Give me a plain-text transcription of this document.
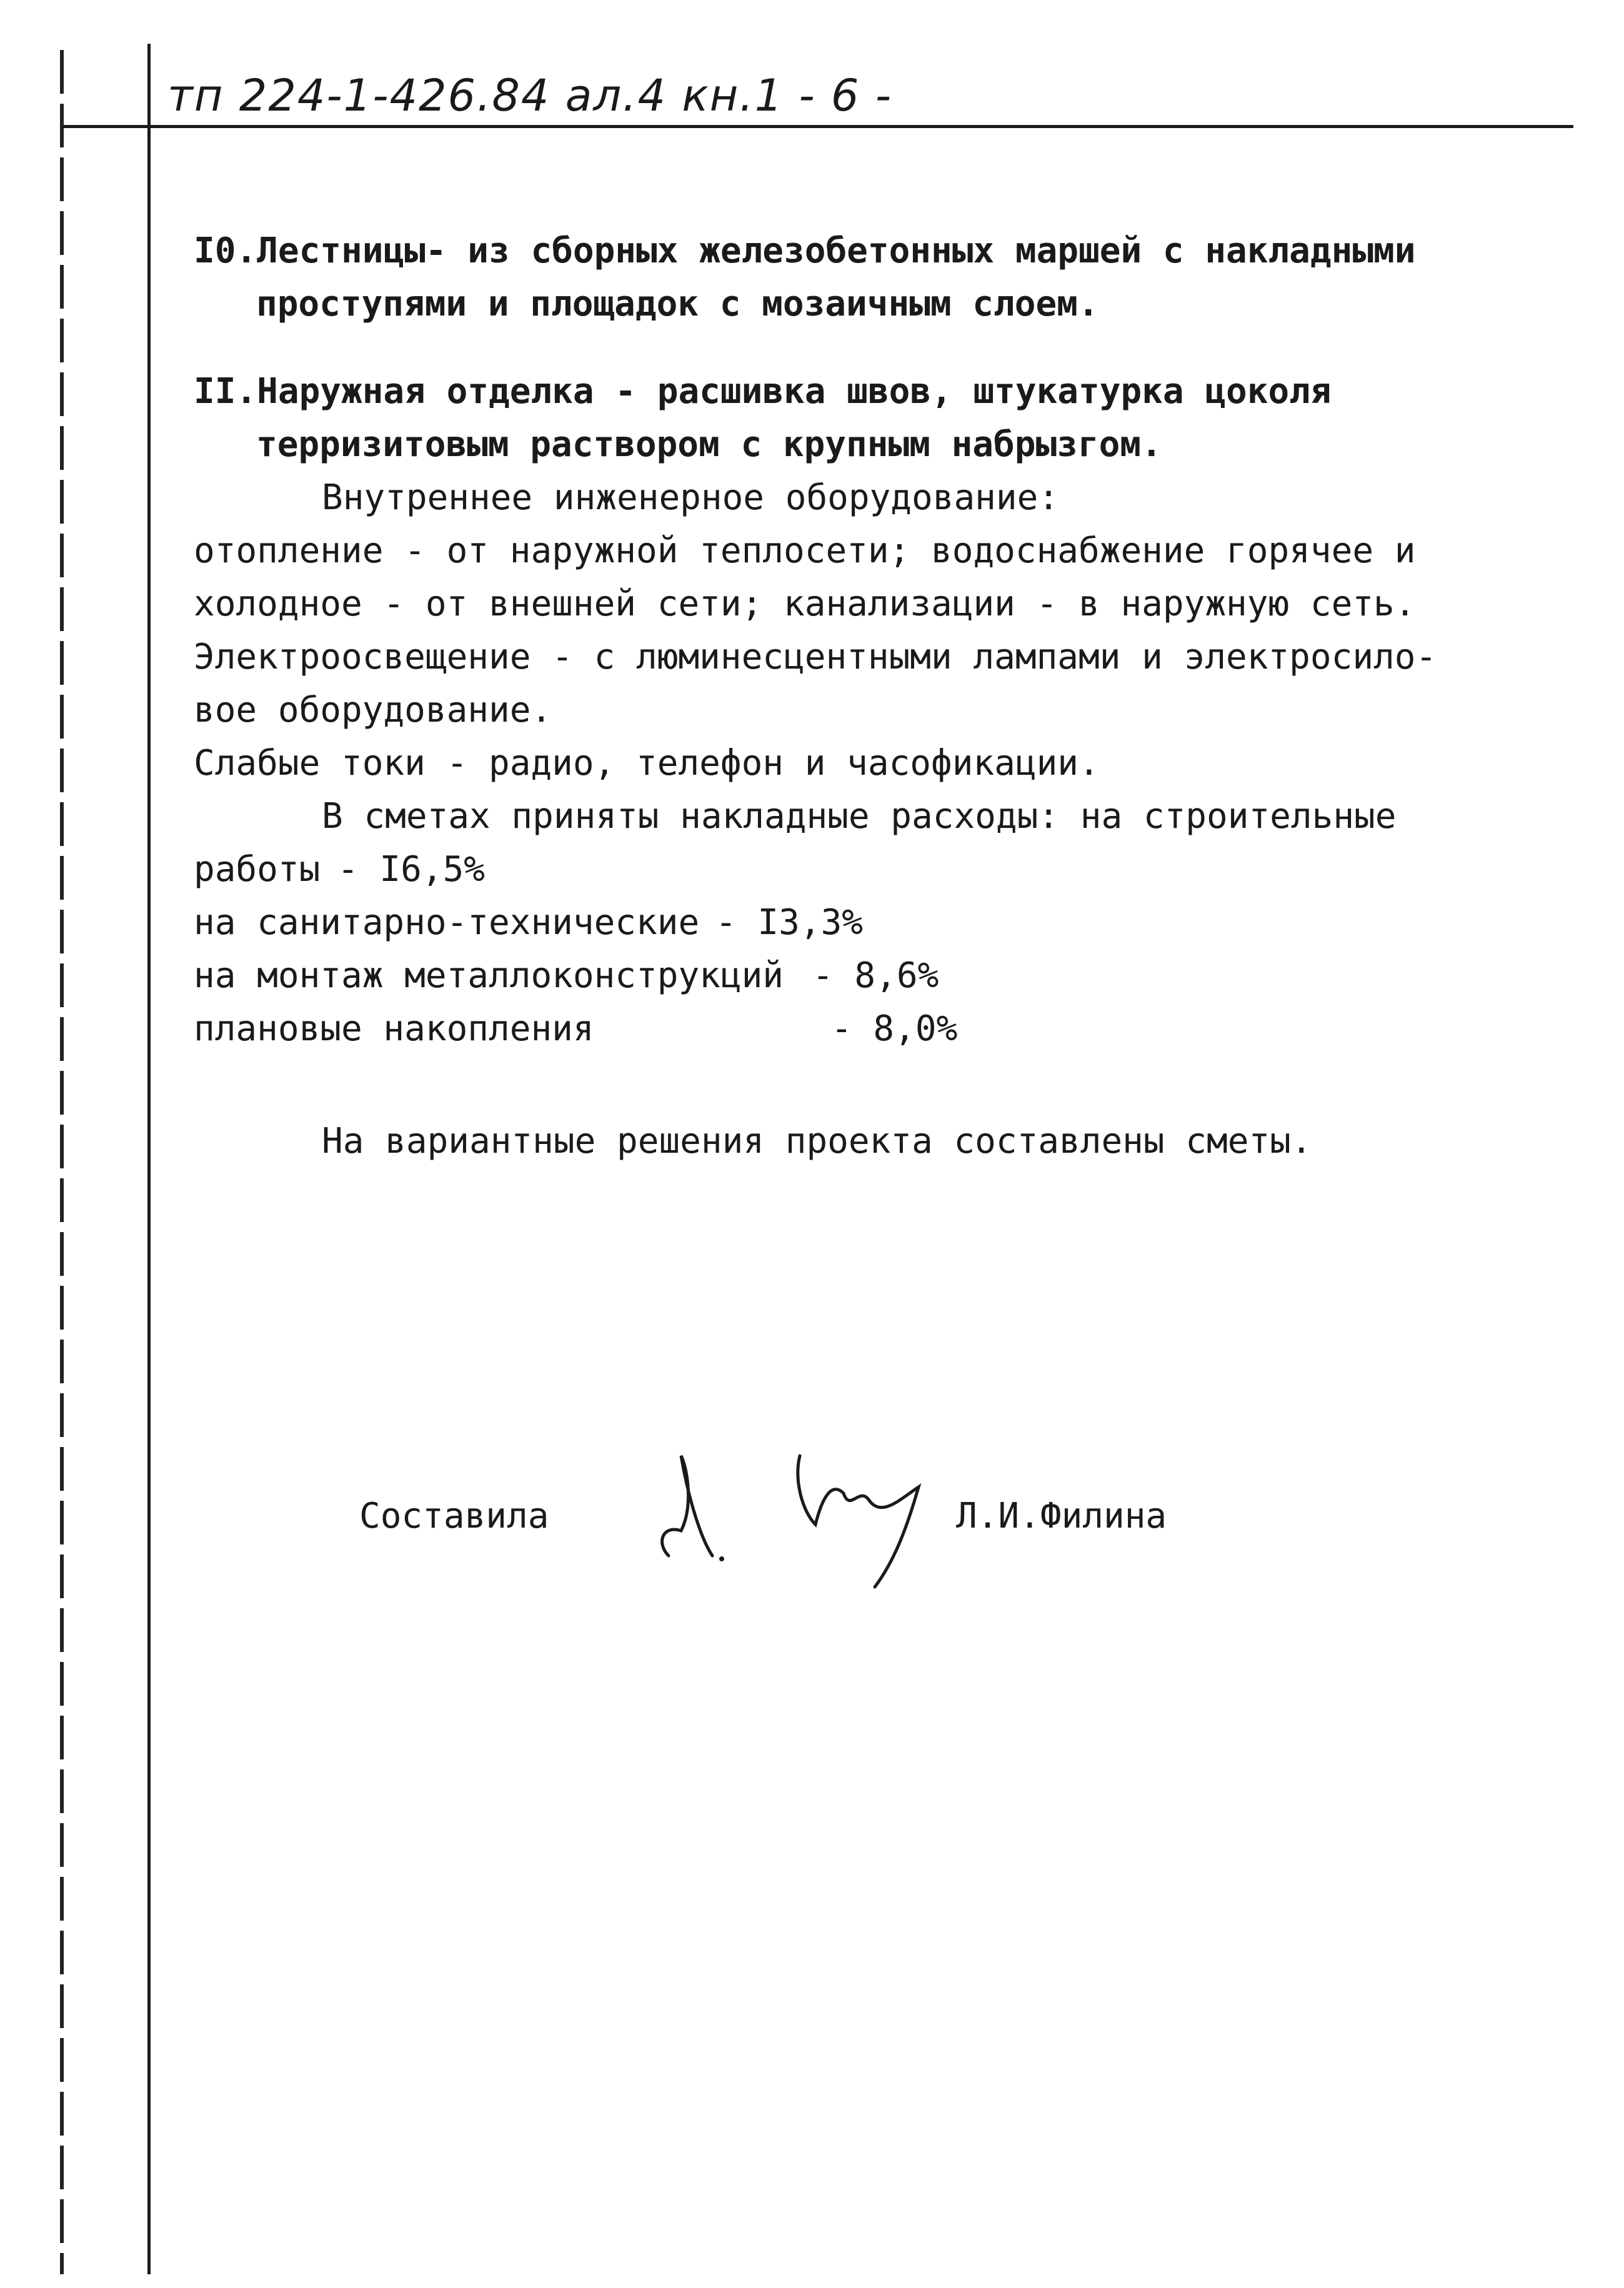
тп 224-1-426.84 ал.4 кн.1 - 6 -
I0.Лестницы- из сборных железобетонных маршей с накладными
проступями и площадок с мозаичным слоем.
II.Наружная отделка - расшивка швов, штукатурка цоколя
терризитовым раствором с крупным набрызгом.
Внутреннее инженерное оборудование:
отопление - от наружной теплосети; водоснабжение горячее и
холодное - от внешней сети; канализации - в наружную сеть.
Электроосвещение - с люминесцентными лампами и электросило-
вое оборудование.
Слабые токи - радио, телефон и часофикации.
В сметах приняты накладные расходы: на строительные
работы - I6,5%
на санитарно-технические - I3,3%
на монтаж металлоконструкций - 8,6%
плановые накопления	- 8,0%
На вариантные решения проекта составлены сметы.
Составила	Л.И.Филина
